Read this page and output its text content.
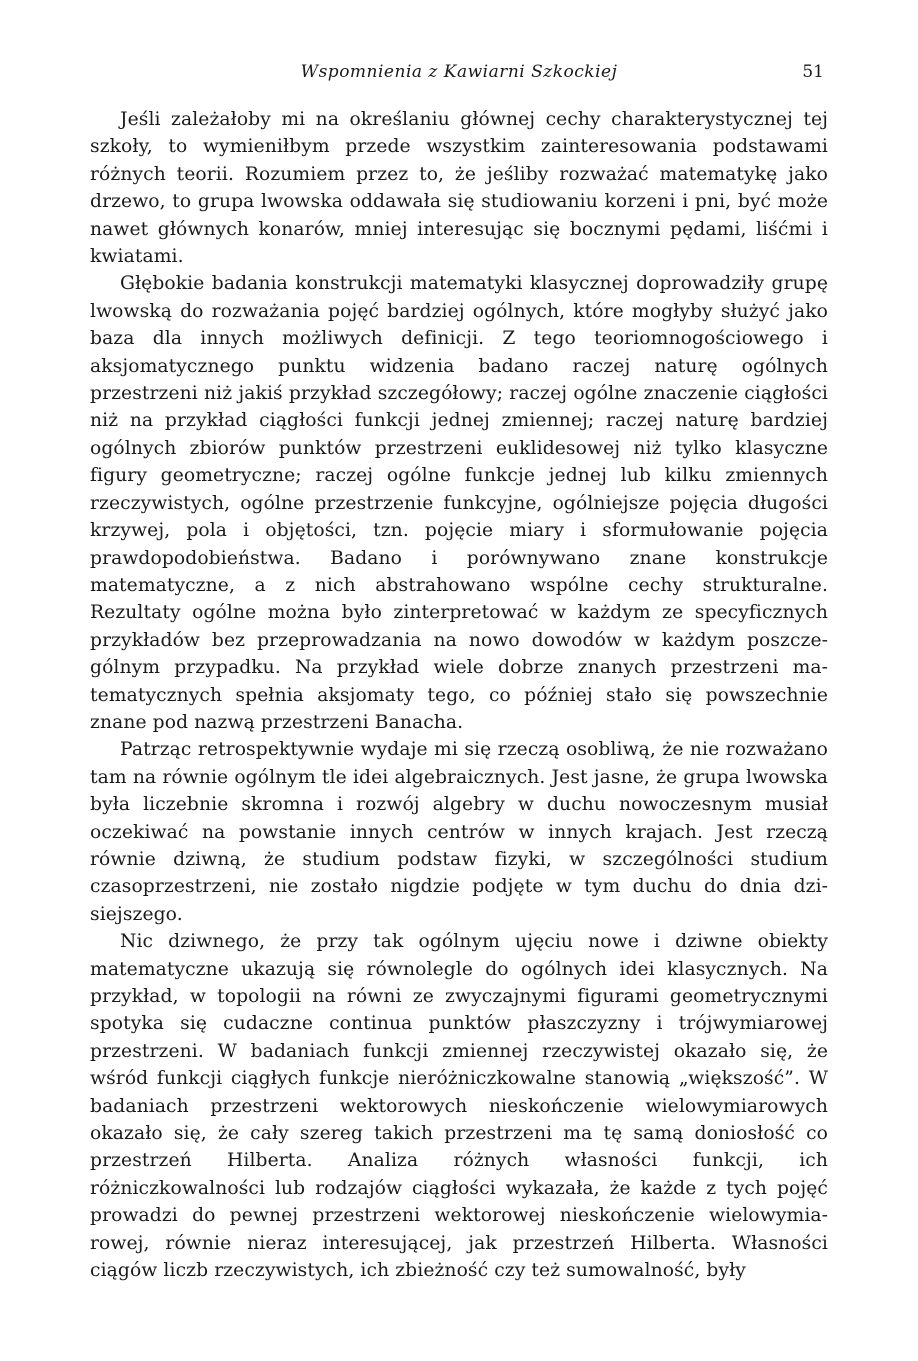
Wspomnienia z Kawiarni Szkockiej	51

Jeśli zależałoby mi na określaniu głównej cechy charakterystycznej tej szkoły, to wymieniłbym przede wszystkim zainteresowania podstawami różnych teorii. Rozumiem przez to, że jeśliby rozważać matematykę jako drzewo, to grupa lwowska oddawała się studiowaniu korzeni i pni, być może nawet głównych konarów, mniej interesując się bocznymi pędami, liśćmi i kwiatami.

Głębokie badania konstrukcji matematyki klasycznej doprowadziły grupę lwowską do rozważania pojęć bardziej ogólnych, które mogłyby służyć jako baza dla innych możliwych definicji. Z tego teoriomnogościowego i aksjomatycznego punktu widzenia badano raczej naturę ogólnych przestrzeni niż jakiś przykład szczegółowy; raczej ogólne znaczenie ciągłości niż na przykład ciągłości funkcji jednej zmiennej; raczej naturę bardziej ogólnych zbiorów punktów przestrzeni euklidesowej niż tylko klasyczne figury geometryczne; raczej ogólne funkcje jednej lub kilku zmiennych rzeczywistych, ogólne przestrzenie funkcyjne, ogólniejsze pojęcia długości krzywej, pola i objętości, tzn. pojęcie miary i sformułowanie pojęcia prawdopodobieństwa. Badano i porównywano znane konstrukcje matematyczne, a z nich abstrahowano wspólne cechy strukturalne. Rezultaty ogólne można było zinterpretować w każdym ze specyficznych przykładów bez przeprowadzania na nowo dowodów w każdym poszczególnym przypadku. Na przykład wiele dobrze znanych przestrzeni matematycznych spełnia aksjomaty tego, co później stało się powszechnie znane pod nazwą przestrzeni Banacha.

Patrząc retrospektywnie wydaje mi się rzeczą osobliwą, że nie rozważano tam na równie ogólnym tle idei algebraicznych. Jest jasne, że grupa lwowska była liczebnie skromna i rozwój algebry w duchu nowoczesnym musiał oczekiwać na powstanie innych centrów w innych krajach. Jest rzeczą równie dziwną, że studium podstaw fizyki, w szczególności studium czasoprzestrzeni, nie zostało nigdzie podjęte w tym duchu do dnia dzisiejszego.

Nic dziwnego, że przy tak ogólnym ujęciu nowe i dziwne obiekty matematyczne ukazują się równolegle do ogólnych idei klasycznych. Na przykład, w topologii na równi ze zwyczajnymi figurami geometrycznymi spotyka się cudaczne continua punktów płaszczyzny i trójwymiarowej przestrzeni. W badaniach funkcji zmiennej rzeczywistej okazało się, że wśród funkcji ciągłych funkcje nieróżniczkowalne stanowią „większość”. W badaniach przestrzeni wektorowych nieskończenie wielowymiarowych okazało się, że cały szereg takich przestrzeni ma tę samą doniosłość co przestrzeń Hilberta. Analiza różnych własności funkcji, ich różniczkowalności lub rodzajów ciągłości wykazała, że każde z tych pojęć prowadzi do pewnej przestrzeni wektorowej nieskończenie wielowymiarowej, równie nieraz interesującej, jak przestrzeń Hilberta. Własności ciągów liczb rzeczywistych, ich zbieżność czy też sumowalność, były
